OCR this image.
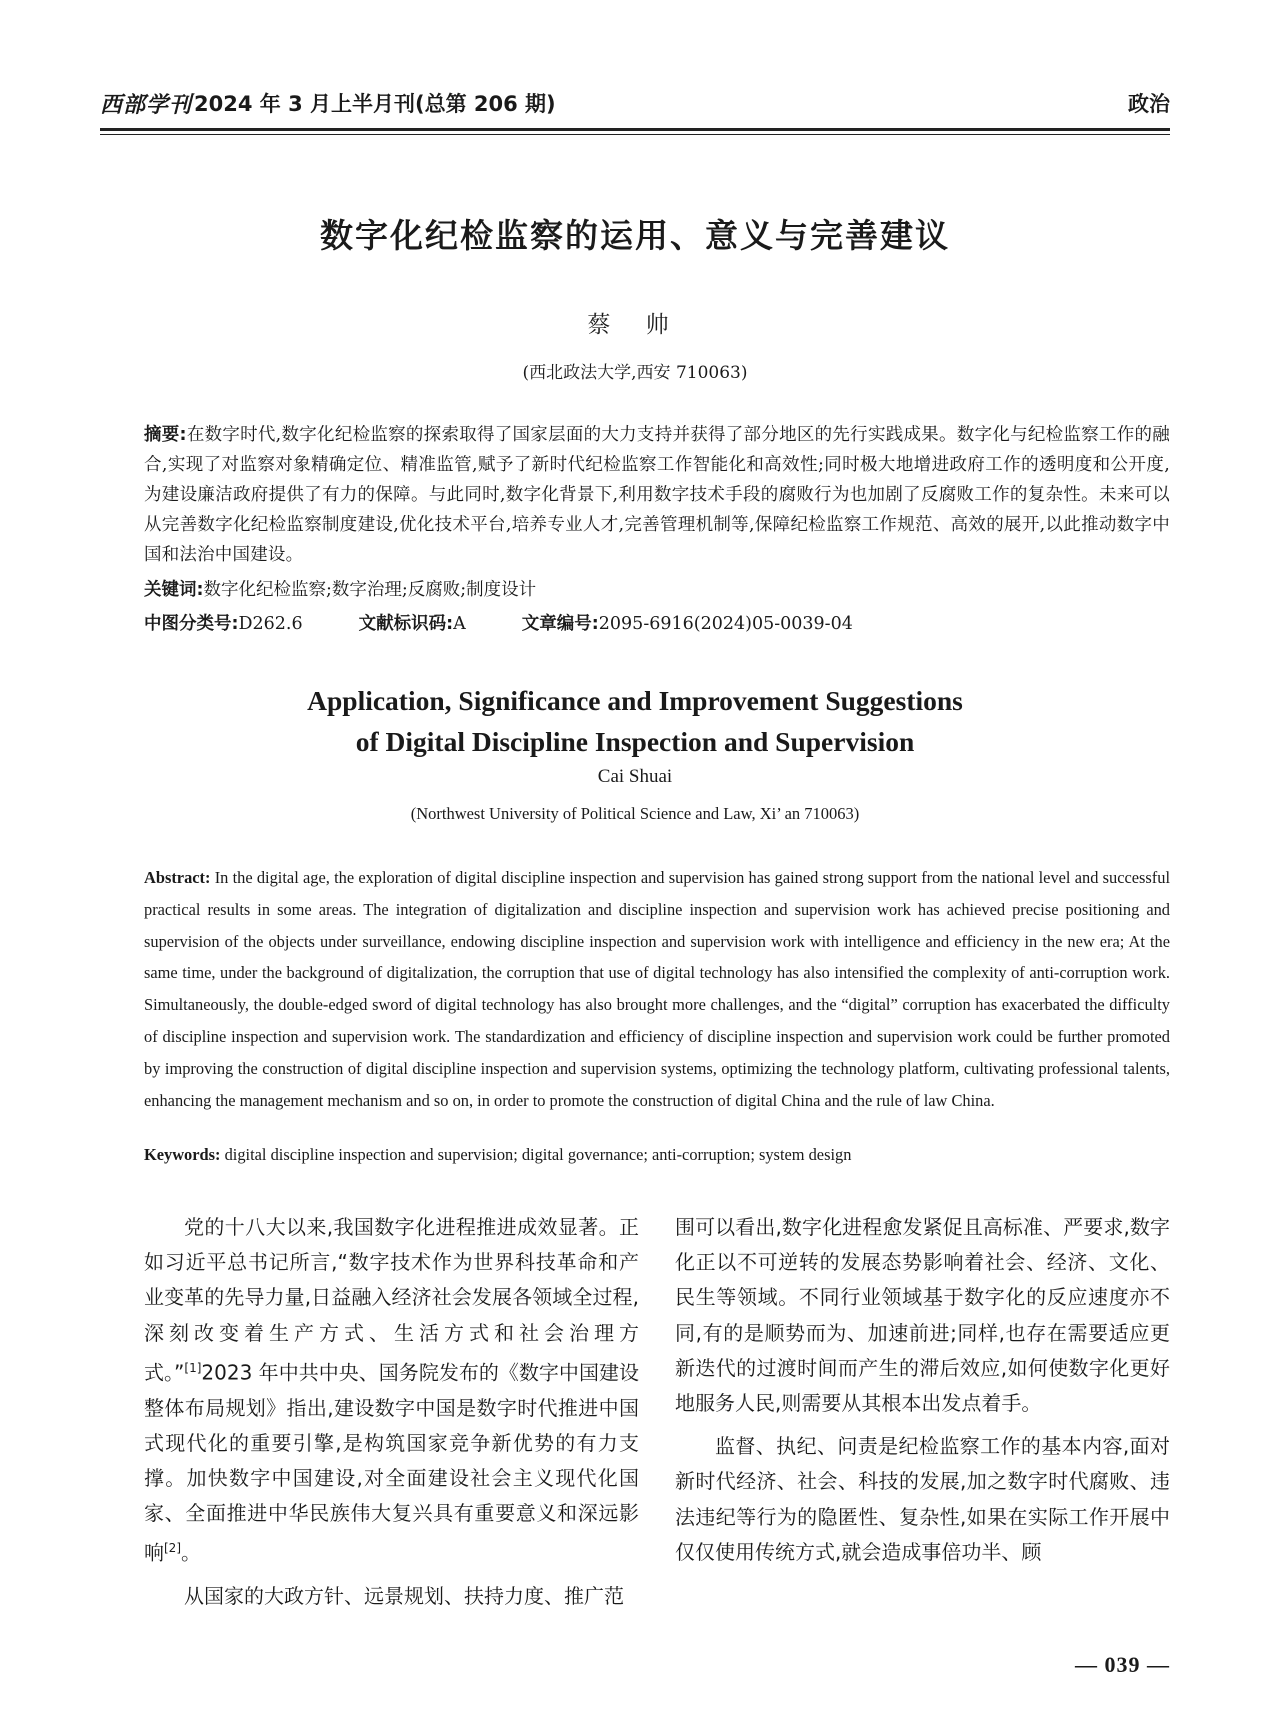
西部学刊 2024 年 3 月上半月刊(总第 206 期)	政治
数字化纪检监察的运用、意义与完善建议
蔡 帅
(西北政法大学,西安 710063)
摘要:在数字时代,数字化纪检监察的探索取得了国家层面的大力支持并获得了部分地区的先行实践成果。数字化与纪检监察工作的融合,实现了对监察对象精确定位、精准监管,赋予了新时代纪检监察工作智能化和高效性;同时极大地增进政府工作的透明度和公开度,为建设廉洁政府提供了有力的保障。与此同时,数字化背景下,利用数字技术手段的腐败行为也加剧了反腐败工作的复杂性。未来可以从完善数字化纪检监察制度建设,优化技术平台,培养专业人才,完善管理机制等,保障纪检监察工作规范、高效的展开,以此推动数字中国和法治中国建设。
关键词:数字化纪检监察;数字治理;反腐败;制度设计
中图分类号:D262.6	文献标识码:A	文章编号:2095-6916(2024)05-0039-04
Application, Significance and Improvement Suggestions
of Digital Discipline Inspection and Supervision
Cai Shuai
(Northwest University of Political Science and Law, Xi’ an 710063)
Abstract: In the digital age, the exploration of digital discipline inspection and supervision has gained strong support from the national level and successful practical results in some areas. The integration of digitalization and discipline inspection and supervision work has achieved precise positioning and supervision of the objects under surveillance, endowing discipline inspection and supervision work with intelligence and efficiency in the new era; At the same time, under the background of digitalization, the corruption that use of digital technology has also intensified the complexity of anti-corruption work. Simultaneously, the double-edged sword of digital technology has also brought more challenges, and the “digital” corruption has exacerbated the difficulty of discipline inspection and supervision work. The standardization and efficiency of discipline inspection and supervision work could be further promoted by improving the construction of digital discipline inspection and supervision systems, optimizing the technology platform, cultivating professional talents, enhancing the management mechanism and so on, in order to promote the construction of digital China and the rule of law China.
Keywords: digital discipline inspection and supervision; digital governance; anti-corruption; system design

党的十八大以来,我国数字化进程推进成效显著。正如习近平总书记所言,“数字技术作为世界科技革命和产业变革的先导力量,日益融入经济社会发展各领域全过程,深刻改变着生产方式、生活方式和社会治理方式。”[1]2023 年中共中央、国务院发布的《数字中国建设整体布局规划》指出,建设数字中国是数字时代推进中国式现代化的重要引擎,是构筑国家竞争新优势的有力支撑。加快数字中国建设,对全面建设社会主义现代化国家、全面推进中华民族伟大复兴具有重要意义和深远影响[2]。

从国家的大政方针、远景规划、扶持力度、推广范

围可以看出,数字化进程愈发紧促且高标准、严要求,数字化正以不可逆转的发展态势影响着社会、经济、文化、民生等领域。不同行业领域基于数字化的反应速度亦不同,有的是顺势而为、加速前进;同样,也存在需要适应更新迭代的过渡时间而产生的滞后效应,如何使数字化更好地服务人民,则需要从其根本出发点着手。

监督、执纪、问责是纪检监察工作的基本内容,面对新时代经济、社会、科技的发展,加之数字时代腐败、违法违纪等行为的隐匿性、复杂性,如果在实际工作开展中仅仅使用传统方式,就会造成事倍功半、顾

— 039 —
